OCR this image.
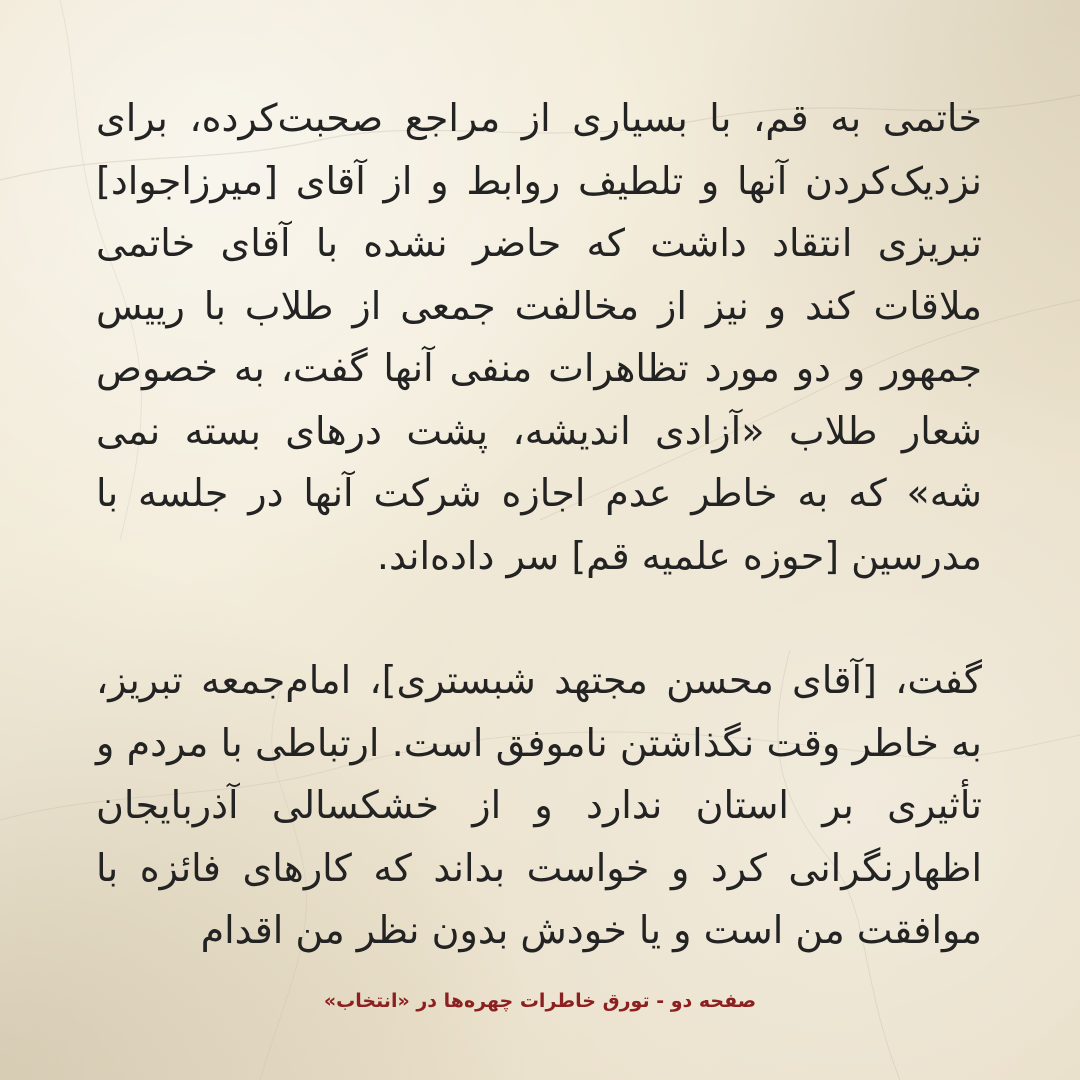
خاتمی به قم، با بسیاری از مراجع صحبت‌کرده، برای نزدیک‌کردن آنها و تلطیف روابط و از آقای [میرزاجواد] تبریزی انتقاد داشت که حاضر نشده با آقای خاتمی ملاقات کند و نیز از مخالفت جمعی از طلاب با رییس جمهور و دو مورد تظاهرات منفی آنها گفت، به خصوص شعار طلاب «آزادی اندیشه، پشت درهای بسته نمی شه» که به خاطر عدم اجازه شرکت آنها در جلسه با مدرسین [حوزه علمیه قم] سر داده‌اند.

گفت، [آقای محسن مجتهد شبستری]، امام‌جمعه تبریز، به خاطر وقت نگذاشتن ناموفق است. ارتباطی با مردم و تأثیری بر استان ندارد و از خشکسالی آذربایجان اظهارنگرانی کرد و خواست بداند که کارهای فائزه با موافقت من است و یا خودش بدون نظر من اقدام

صفحه دو - تورق خاطرات چهره‌ها در «انتخاب»
